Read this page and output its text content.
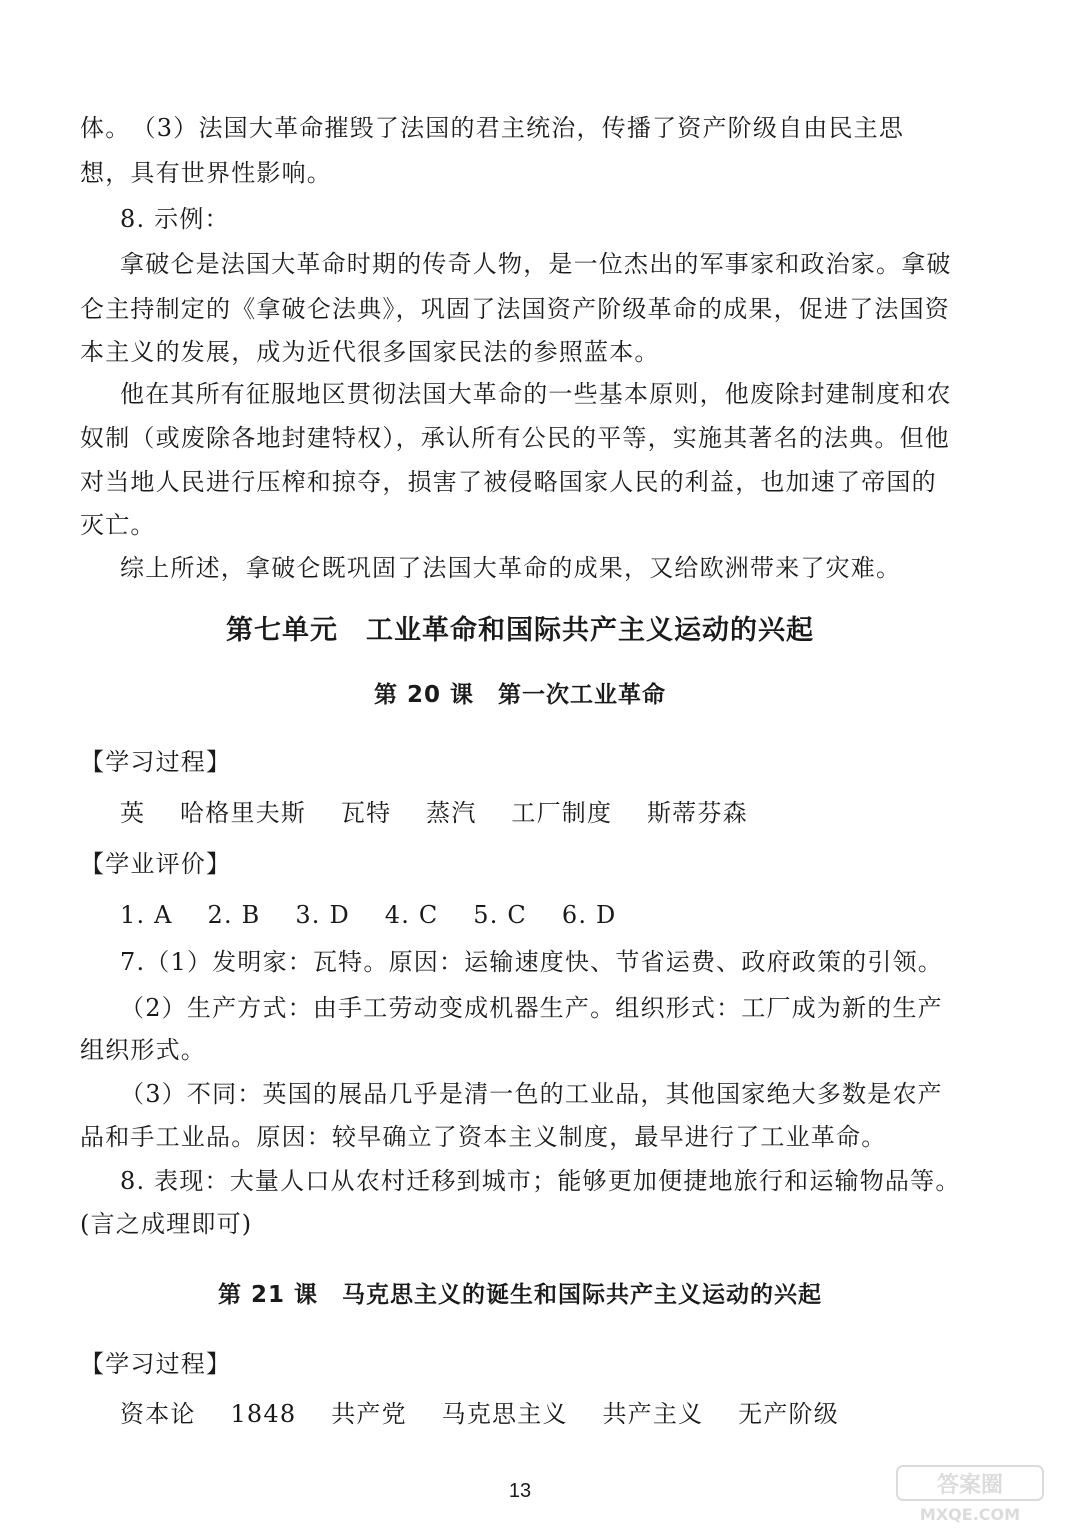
体。　（3）法国大革命摧毁了法国的君主统治，传播了资产阶级自由民主思
想，具有世界性影响。
8. 示例：
拿破仑是法国大革命时期的传奇人物，是一位杰出的军事家和政治家。拿破
仑主持制定的《拿破仑法典》，巩固了法国资产阶级革命的成果，促进了法国资
本主义的发展，成为近代很多国家民法的参照蓝本。
他在其所有征服地区贯彻法国大革命的一些基本原则，他废除封建制度和农
奴制（或废除各地封建特权），承认所有公民的平等，实施其著名的法典。但他
对当地人民进行压榨和掠夺，损害了被侵略国家人民的利益，也加速了帝国的
灭亡。
综上所述，拿破仑既巩固了法国大革命的成果，又给欧洲带来了灾难。
第七单元　工业革命和国际共产主义运动的兴起
第 20 课　第一次工业革命
【学习过程】
英 哈格里夫斯 瓦特 蒸汽 工厂制度 斯蒂芬森
【学业评价】
1. A 2. B 3. D 4. C 5. C 6. D
7.（1）发明家：瓦特。原因：运输速度快、节省运费、政府政策的引领。
（2）生产方式：由手工劳动变成机器生产。组织形式：工厂成为新的生产
组织形式。
（3）不同：英国的展品几乎是清一色的工业品，其他国家绝大多数是农产
品和手工业品。原因：较早确立了资本主义制度，最早进行了工业革命。
8. 表现：大量人口从农村迁移到城市；能够更加便捷地旅行和运输物品等。
(言之成理即可)
第 21 课　马克思主义的诞生和国际共产主义运动的兴起
【学习过程】
资本论 1848 共产党 马克思主义 共产主义 无产阶级
13	答案圈
MXQE.COM
